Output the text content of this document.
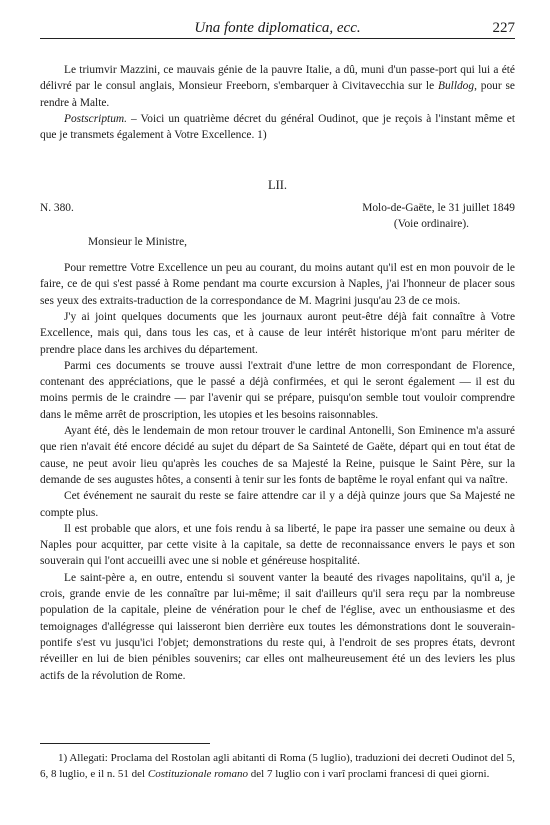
Una fonte diplomatica, ecc.	227

Le triumvir Mazzini, ce mauvais génie de la pauvre Italie, a dû, muni d'un passe-port qui lui a été délivré par le consul anglais, Monsieur Freeborn, s'embarquer à Civitavecchia sur le Bulldog, pour se rendre à Malte.

Postscriptum. – Voici un quatrième décret du général Oudinot, que je reçois à l'instant même et que je transmets également à Votre Excellence. 1)

LII.

N. 380.	Molo-de-Gaëte, le 31 juillet 1849
(Voie ordinaire).

Monsieur le Ministre,

Pour remettre Votre Excellence un peu au courant, du moins autant qu'il est en mon pouvoir de le faire, ce de qui s'est passé à Rome pendant ma courte excursion à Naples, j'ai l'honneur de placer sous ses yeux des extraits-traduction de la correspondance de M. Magrini jusqu'au 23 de ce mois.

J'y ai joint quelques documents que les journaux auront peut-être déjà fait connaître à Votre Excellence, mais qui, dans tous les cas, et à cause de leur intérêt historique m'ont paru mériter de prendre place dans les archives du département.

Parmi ces documents se trouve aussi l'extrait d'une lettre de mon correspondant de Florence, contenant des appréciations, que le passé a déjà confirmées, et qui le seront également — il est du moins permis de le craindre — par l'avenir qui se prépare, puisqu'on semble tout vouloir comprendre dans le même arrêt de proscription, les utopies et les besoins raisonnables.

Ayant été, dès le lendemain de mon retour trouver le cardinal Antonelli, Son Eminence m'a assuré que rien n'avait été encore décidé au sujet du départ de Sa Sainteté de Gaëte, départ qui en tout état de cause, ne peut avoir lieu qu'après les couches de sa Majesté la Reine, puisque le Saint Père, sur la demande de ses augustes hôtes, a consenti à tenir sur les fonts de baptême le royal enfant qui va naître.

Cet événement ne saurait du reste se faire attendre car il y a déjà quinze jours que Sa Majesté ne compte plus.

Il est probable que alors, et une fois rendu à sa liberté, le pape ira passer une semaine ou deux à Naples pour acquitter, par cette visite à la capitale, sa dette de reconnaissance envers le pays et son souverain qui l'ont accueilli avec une si noble et généreuse hospitalité.

Le saint-père a, en outre, entendu si souvent vanter la beauté des rivages napolitains, qu'il a, je crois, grande envie de les connaître par lui-même; il sait d'ailleurs qu'il sera reçu par la nombreuse population de la capitale, pleine de vénération pour le chef de l'église, avec un enthousiasme et des temoignages d'allégresse qui laisseront bien derrière eux toutes les démonstrations dont le souverain-pontife s'est vu jusqu'ici l'objet; demonstrations du reste qui, à l'endroit de ses propres états, devront réveiller en lui de bien pénibles souvenirs; car elles ont malheureusement été un des leviers les plus actifs de la révolution de Rome.

1) Allegati: Proclama del Rostolan agli abitanti di Roma (5 luglio), traduzioni dei decreti Oudinot del 5, 6, 8 luglio, e il n. 51 del Costituzionale romano del 7 luglio con i varî proclami francesi di quei giorni.
